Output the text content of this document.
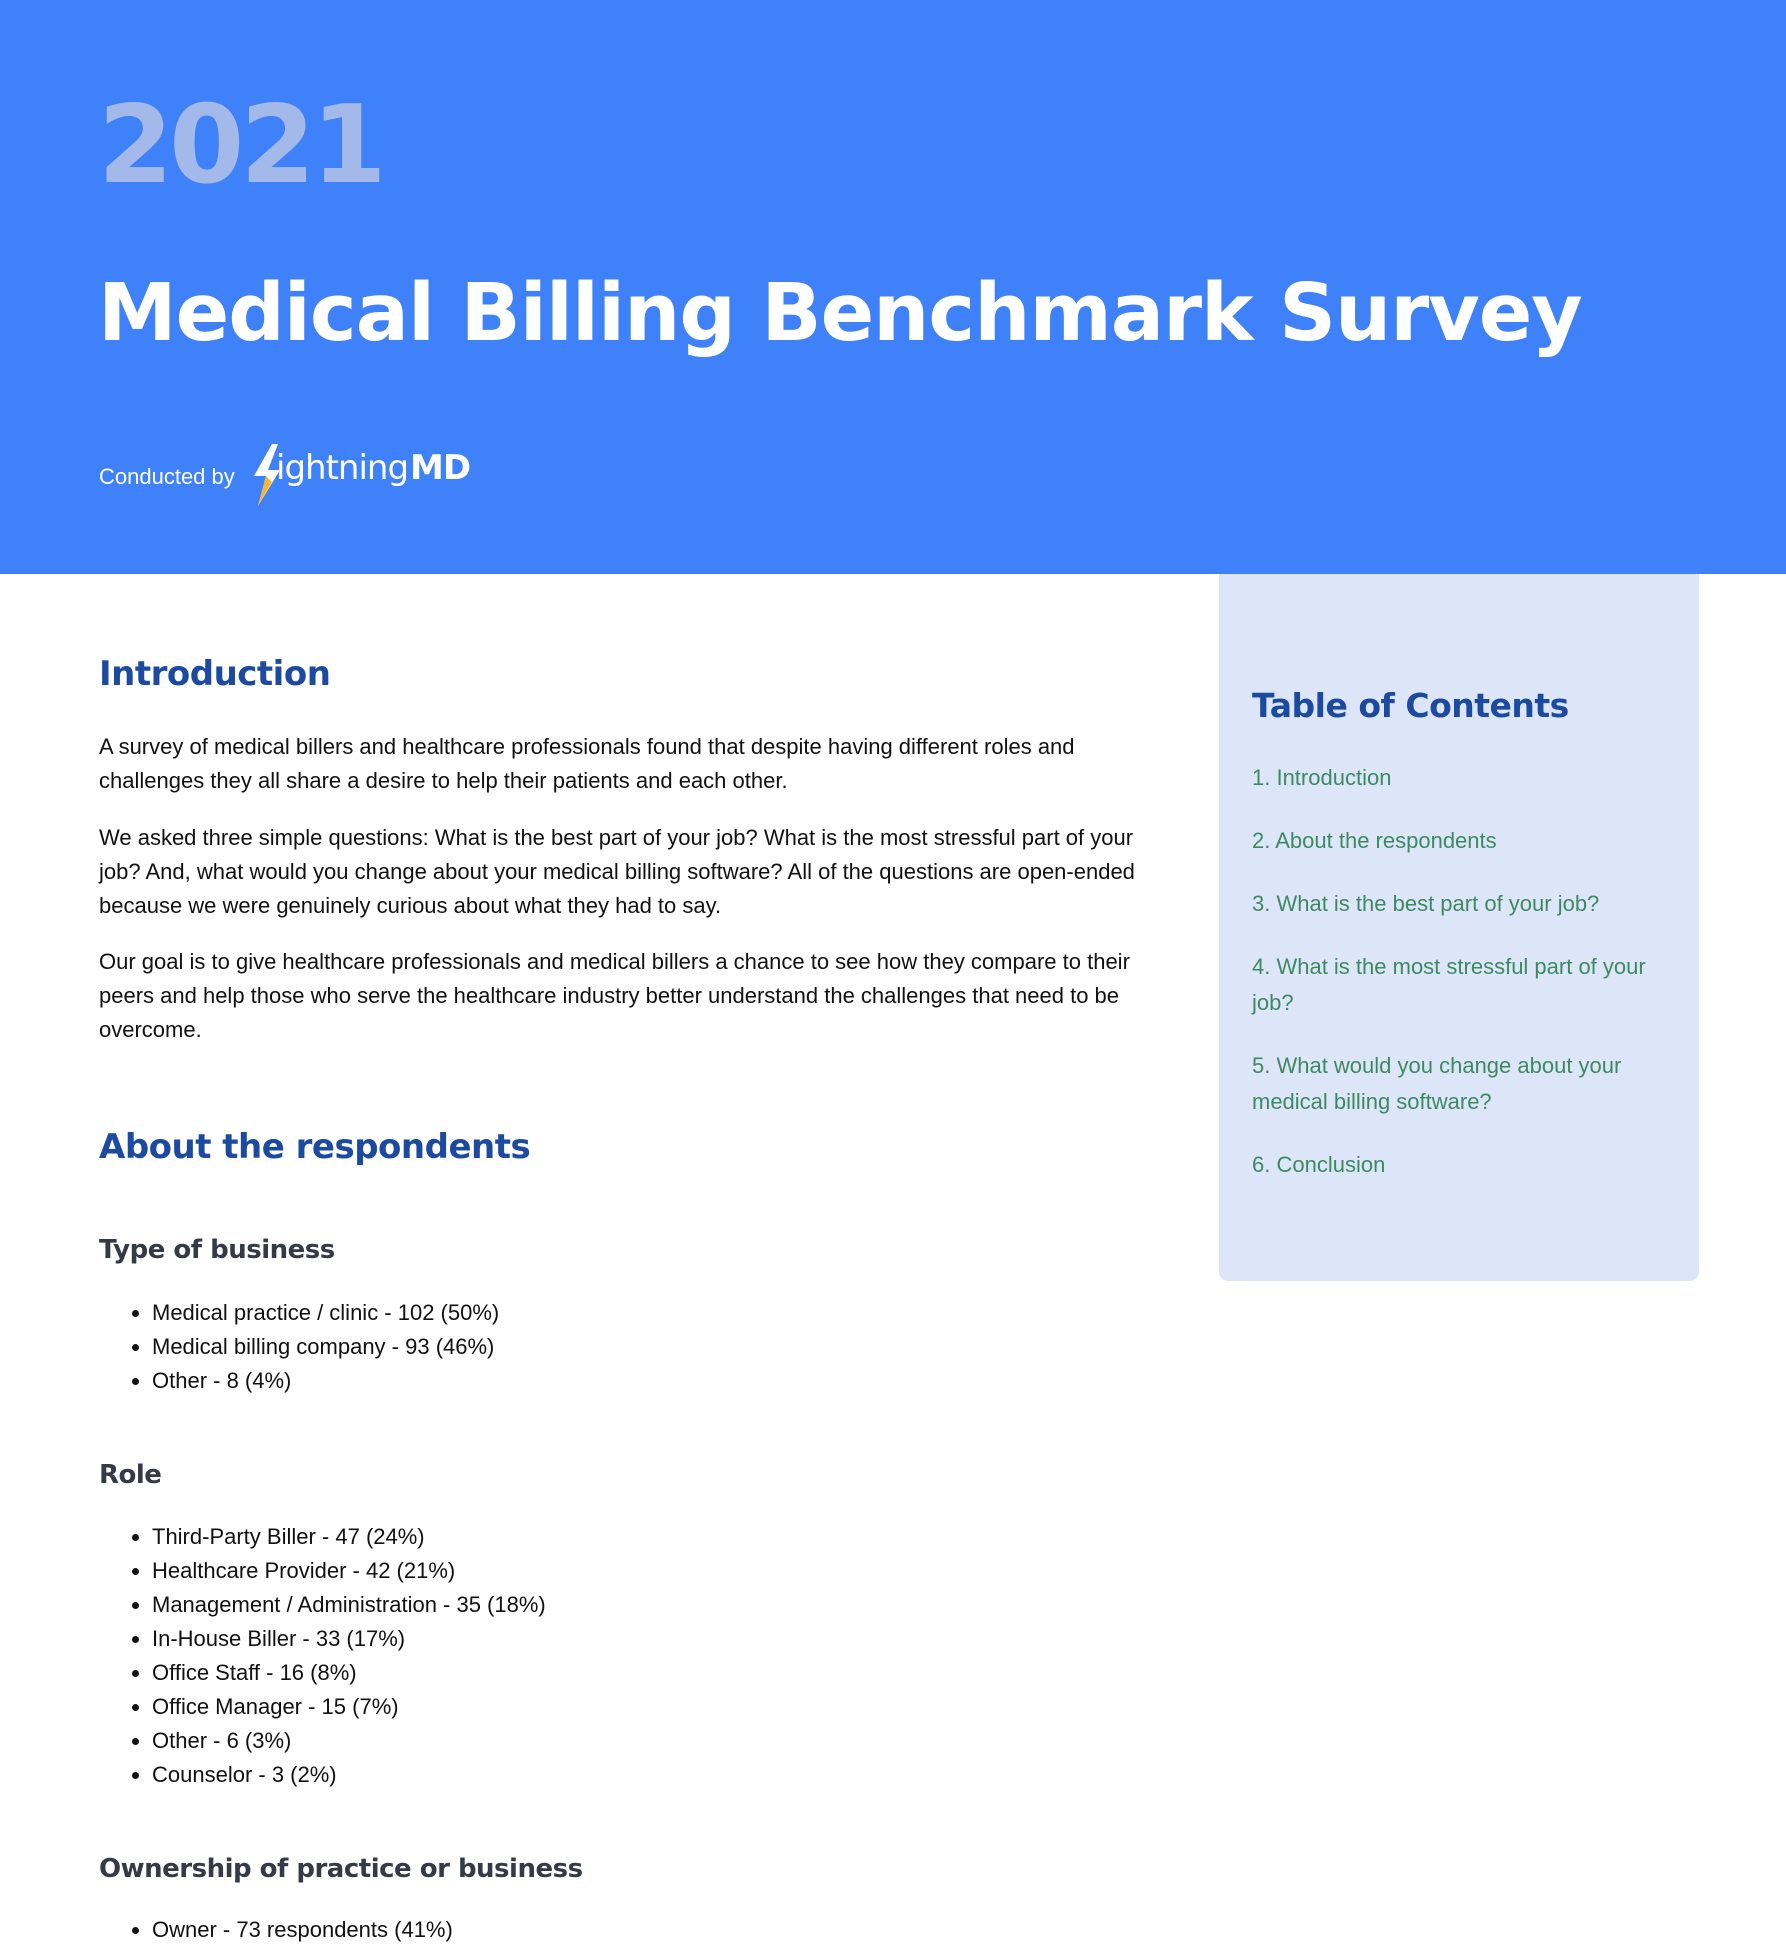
2021
Medical Billing Benchmark Survey
Conducted by ightningMD
Introduction

A survey of medical billers and healthcare professionals found that despite having different roles and challenges they all share a desire to help their patients and each other.

We asked three simple questions: What is the best part of your job? What is the most stressful part of your job? And, what would you change about your medical billing software? All of the questions are open-ended because we were genuinely curious about what they had to say.

Our goal is to give healthcare professionals and medical billers a chance to see how they compare to their peers and help those who serve the healthcare industry better understand the challenges that need to be overcome.

About the respondents
Type of business
• Medical practice / clinic - 102 (50%)
• Medical billing company - 93 (46%)
• Other - 8 (4%)
Role
• Third-Party Biller - 47 (24%)
• Healthcare Provider - 42 (21%)
• Management / Administration - 35 (18%)
• In-House Biller - 33 (17%)
• Office Staff - 16 (8%)
• Office Manager - 15 (7%)
• Other - 6 (3%)
• Counselor - 3 (2%)
Ownership of practice or business
• Owner - 73 respondents (41%)
Table of Contents
1. Introduction
2. About the respondents
3. What is the best part of your job?
4. What is the most stressful part of your job?
5. What would you change about your medical billing software?
6. Conclusion
